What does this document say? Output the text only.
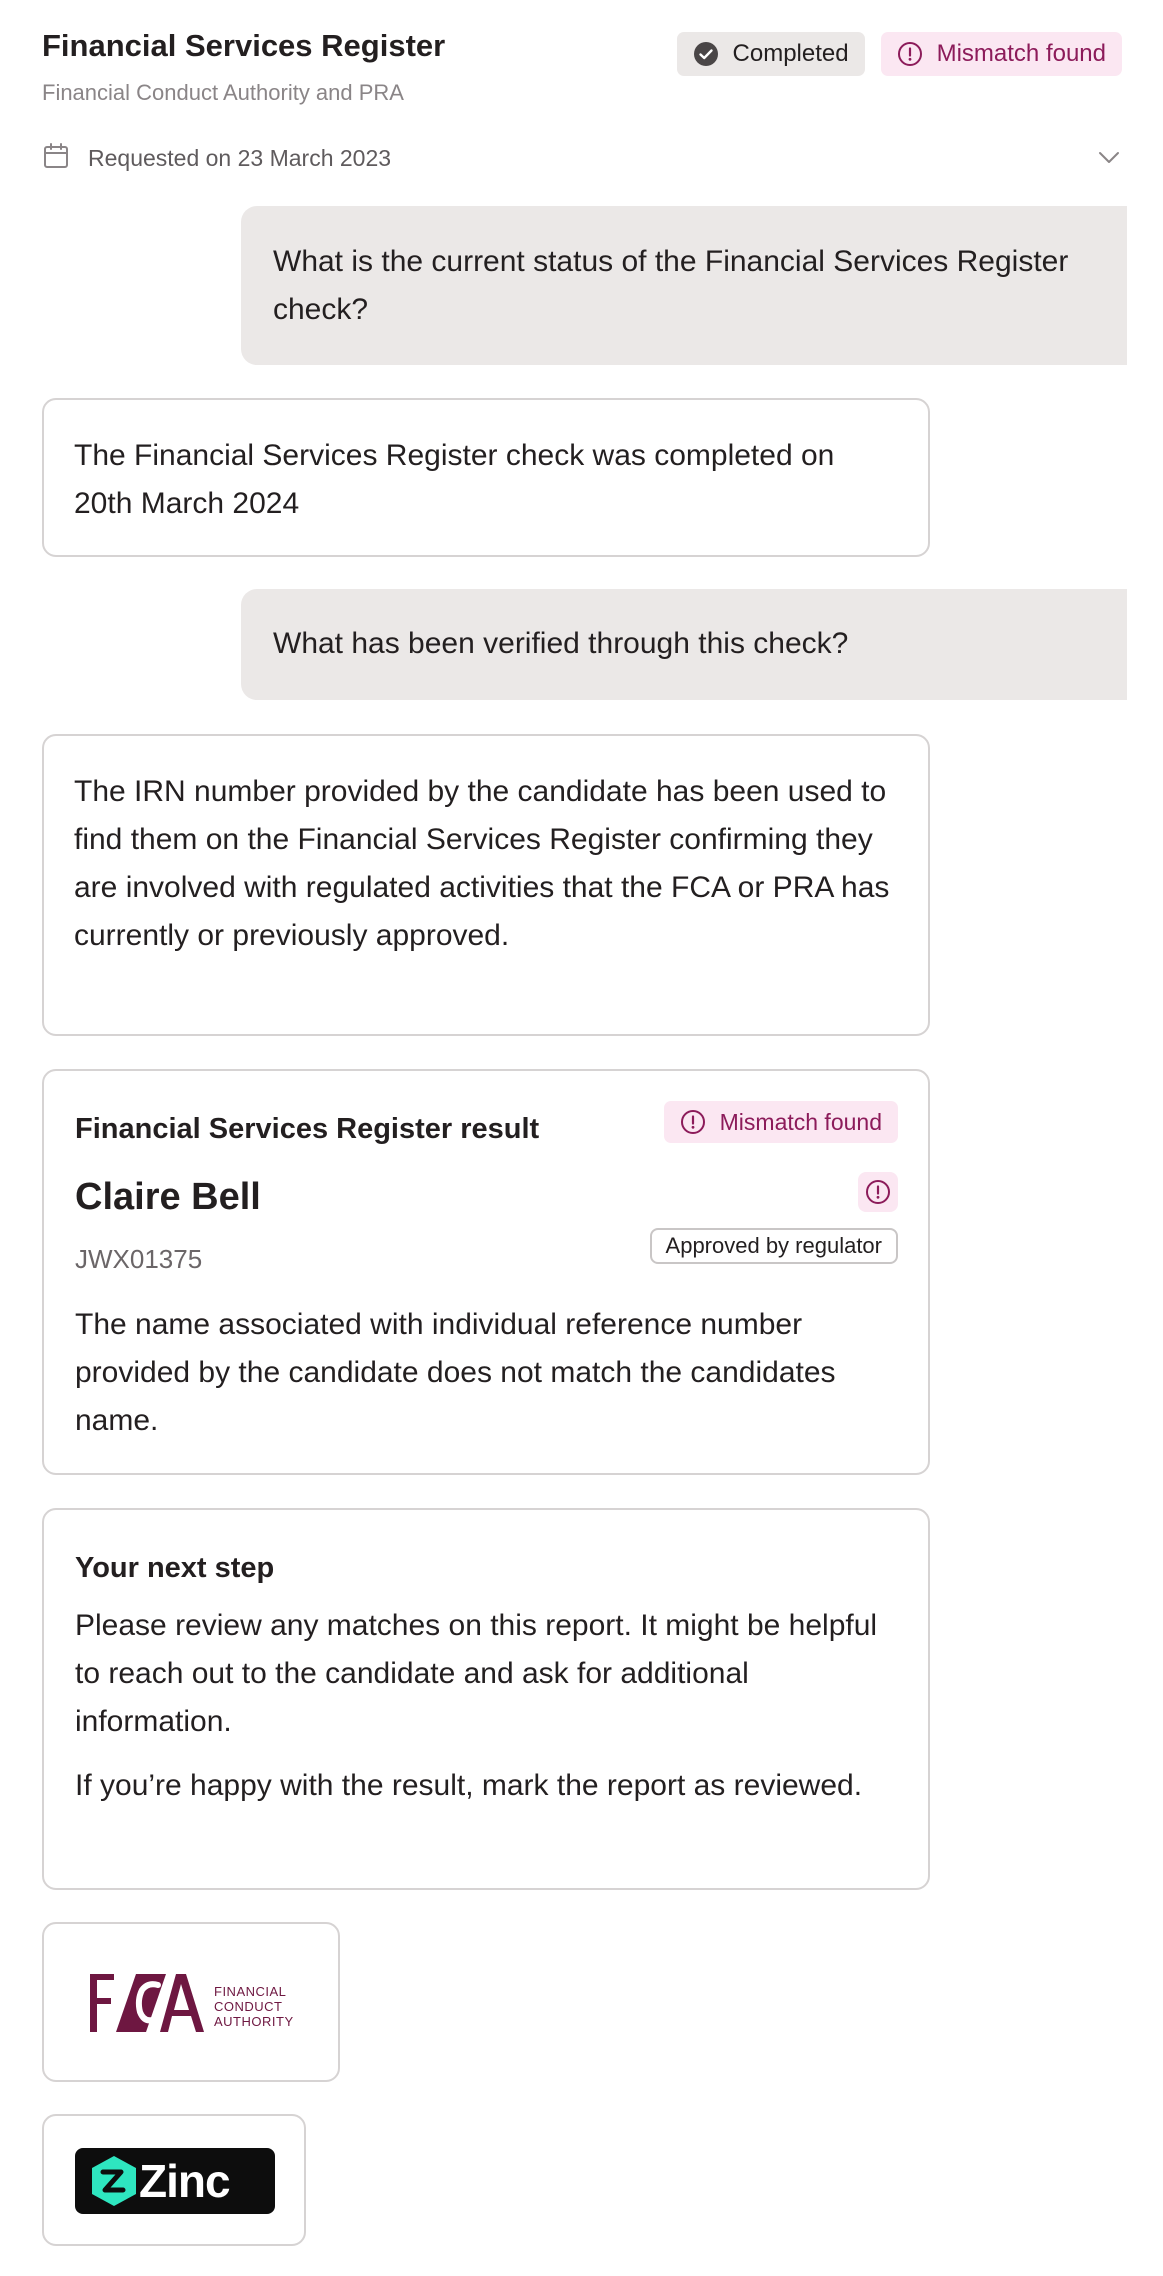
Financial Services Register
Financial Conduct Authority and PRA
Completed	Mismatch found
Requested on 23 March 2023
What is the current status of the Financial Services Register check?
The Financial Services Register check was completed on 20th March 2024
What has been verified through this check?
The IRN number provided by the candidate has been used to find them on the Financial Services Register confirming they are involved with regulated activities that the FCA or PRA has currently or previously approved.
Financial Services Register result	Mismatch found
Claire Bell
JWX01375	Approved by regulator
The name associated with individual reference number provided by the candidate does not match the candidates name.
Your next step
Please review any matches on this report. It might be helpful to reach out to the candidate and ask for additional information.
If you’re happy with the result, mark the report as reviewed.
FINANCIAL
CONDUCT
AUTHORITY
Zinc
